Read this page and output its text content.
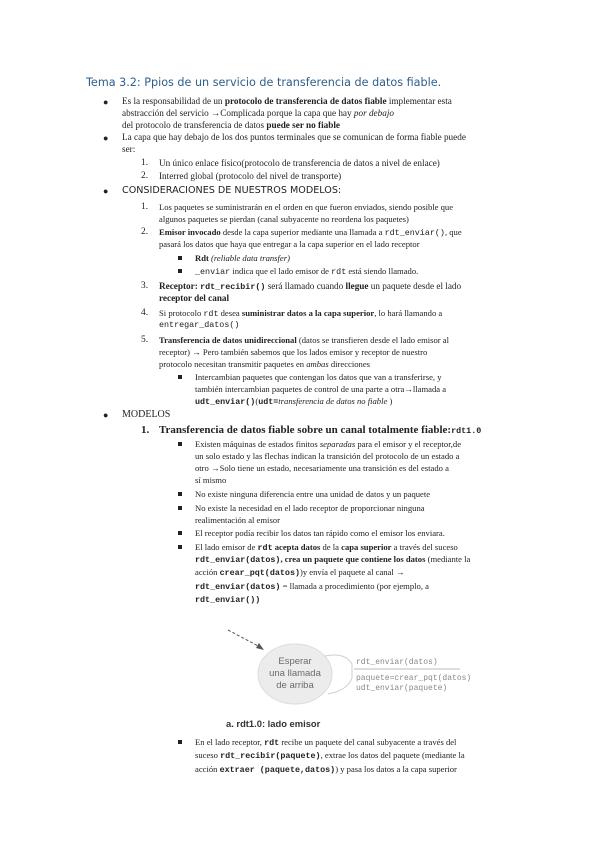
Tema 3.2: Ppios de un servicio de transferencia de datos fiable.
● Es la responsabilidad de un protocolo de transferencia de datos fiable implementar esta
abstracción del servicio →Complicada porque la capa que hay por debajo
del protocolo de transferencia de datos puede ser no fiable
● La capa que hay debajo de los dos puntos terminales que se comunican de forma fiable puede
ser:
1. Un único enlace físico(protocolo de transferencia de datos a nivel de enlace)
2. Interred global (protocolo del nivel de transporte)
● CONSIDERACIONES DE NUESTROS MODELOS:
1. Los paquetes se suministrarán en el orden en que fueron enviados, siendo posible que
algunos paquetes se pierdan (canal subyacente no reordena los paquetes)
2. Emisor invocado desde la capa superior mediante una llamada a rdt_enviar(), que
pasará los datos que haya que entregar a la capa superior en el lado receptor
Rdt (reliable data transfer)
_enviar indica que el lado emisor de rdt está siendo llamado.
3. Receptor: rdt_recibir() será llamado cuando llegue un paquete desde el lado
receptor del canal
4. Si protocolo rdt desea suministrar datos a la capa superior, lo hará llamando a
entregar_datos()
5. Transferencia de datos unidireccional (datos se transfieren desde el lado emisor al
receptor) → Pero también sabemos que los lados emisor y receptor de nuestro
protocolo necesitan transmitir paquetes en ambas direcciones
Intercambian paquetes que contengan los datos que van a transferirse, y
también intercambian paquetes de control de una parte a otra→llamada a
udt_enviar()(udt=transferencia de datos no fiable )
● MODELOS
1. Transferencia de datos fiable sobre un canal totalmente fiable:rdt1.0
Existen máquinas de estados finitos separadas para el emisor y el receptor,de
un solo estado y las flechas indican la transición del protocolo de un estado a
otro →Solo tiene un estado, necesariamente una transición es del estado a
sí mismo
No existe ninguna diferencia entre una unidad de datos y un paquete
No existe la necesidad en el lado receptor de proporcionar ninguna
realimentación al emisor
El receptor podía recibir los datos tan rápido como el emisor los enviara.
El lado emisor de rdt acepta datos de la capa superior a través del suceso
rdt_enviar(datos), crea un paquete que contiene los datos (mediante la
acción crear_pqt(datos))y envía el paquete al canal →
rdt_enviar(datos) = llamada a procedimiento (por ejemplo, a
rdt_enviar())
Esperar
una llamada
de arriba
rdt_enviar(datos)
paquete=crear_pqt(datos)
udt_enviar(paquete)
a. rdt1.0: lado emisor
En el lado receptor, rdt recibe un paquete del canal subyacente a través del
suceso rdt_recibir(paquete), extrae los datos del paquete (mediante la
acción extraer (paquete,datos)) y pasa los datos a la capa superior
